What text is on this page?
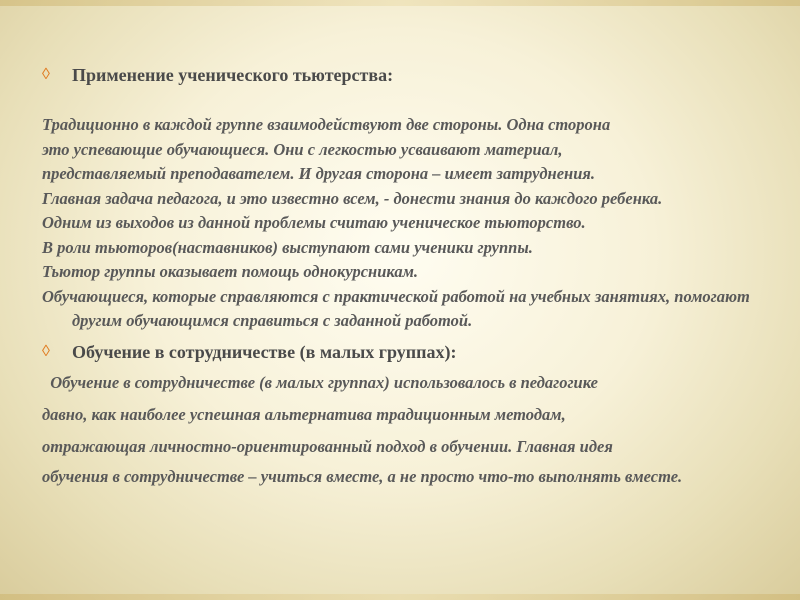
◊ Применение ученического тьютерства:
Традиционно в каждой группе взаимодействуют две стороны. Одна сторона
это успевающие обучающиеся. Они с легкостью усваивают материал,
представляемый преподавателем. И другая сторона – имеет затруднения.
Главная задача педагога, и это известно всем, - донести знания до каждого ребенка.
Одним из выходов из данной проблемы считаю ученическое тьюторство.
В роли тьюторов(наставников) выступают сами ученики группы.
Тьютор группы оказывает помощь однокурсникам.
Обучающиеся, которые справляются с практической работой на учебных занятиях, помогают другим обучающимся справиться с заданной работой.
◊ Обучение в сотрудничестве (в малых группах):
Обучение в сотрудничестве (в малых группах) использовалось в педагогике
давно, как наиболее успешная альтернатива традиционным методам,
отражающая личностно-ориентированный подход в обучении. Главная идея
обучения в сотрудничестве – учиться вместе, а не просто что-то выполнять вместе.
